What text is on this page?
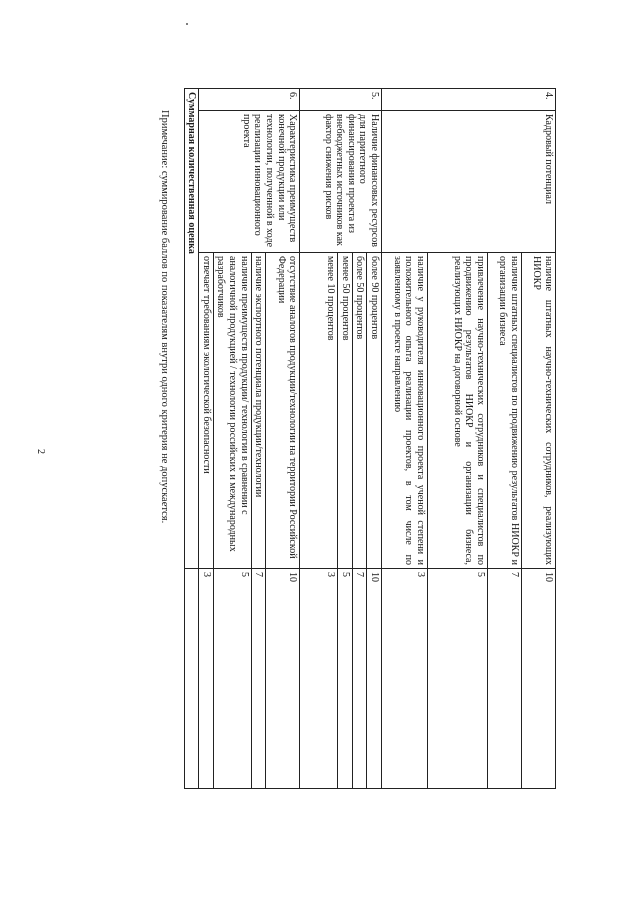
2
4.	Кадровый потенциал	наличие штатных научно-технических сотрудников, реализующих НИОКР	10
		наличие штатных специалистов по продвижению результатов НИОКР и организации бизнеса	7
		привлечение научно-технических сотрудников и специалистов по продвижению результатов НИОКР и организации бизнеса, реализующих НИОКР на договорной основе	5
		наличие у руководителя инновационного проекта ученой степени и положительного опыта реализации проектов, в том числе по заявленному в проекте направлению	3
5.	Наличие финансовых ресурсов для паритетного финансирования проекта из внебюджетных источников как фактор снижения рисков	более 90 процентов	10
		более 50 процентов	7
		менее 50 процентов	5
		менее 10 процентов	3
6.	Характеристика преимуществ конечной продукции или технологии, полученной в ходе реализации инновационного проекта	отсутствие аналогов продукции/технологии на территории Российской Федерации	10
		наличие экспортного потенциала продукции/технологии	7
		наличие преимуществ продукции/ технологии в сравнении с аналогичной продукцией / технологии российских и международных разработчиков	5
		отвечает требованиям экологической безопасности	3
Суммарная количественная оценка			
Примечание: суммирование баллов по показателям внутри одного критерия не допускается.
